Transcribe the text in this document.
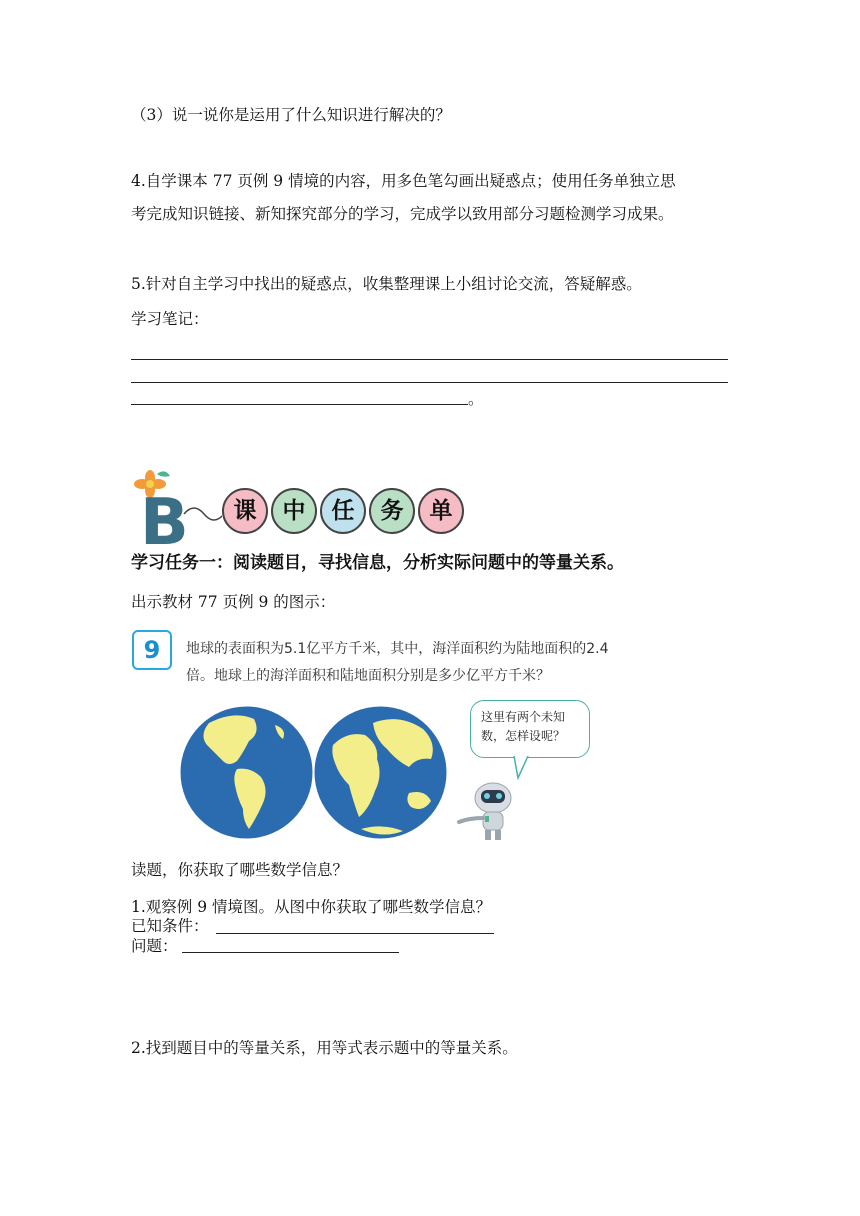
（3）说一说你是运用了什么知识进行解决的？
4.自学课本 77 页例 9 情境的内容，用多色笔勾画出疑惑点；使用任务单独立思
考完成知识链接、新知探究部分的学习，完成学以致用部分习题检测学习成果。
5.针对自主学习中找出的疑惑点，收集整理课上小组讨论交流，答疑解惑。
学习笔记：
。
B	课	中	任	务	单
学习任务一：阅读题目，寻找信息，分析实际问题中的等量关系。
出示教材 77 页例 9 的图示：
9	地球的表面积为5.1亿平方千米，其中，海洋面积约为陆地面积的2.4
倍。地球上的海洋面积和陆地面积分别是多少亿平方千米？
这里有两个未知
数，怎样设呢？
读题，你获取了哪些数学信息？
1.观察例 9 情境图。从图中你获取了哪些数学信息？
已知条件：
问题：
2.找到题目中的等量关系，用等式表示题中的等量关系。
